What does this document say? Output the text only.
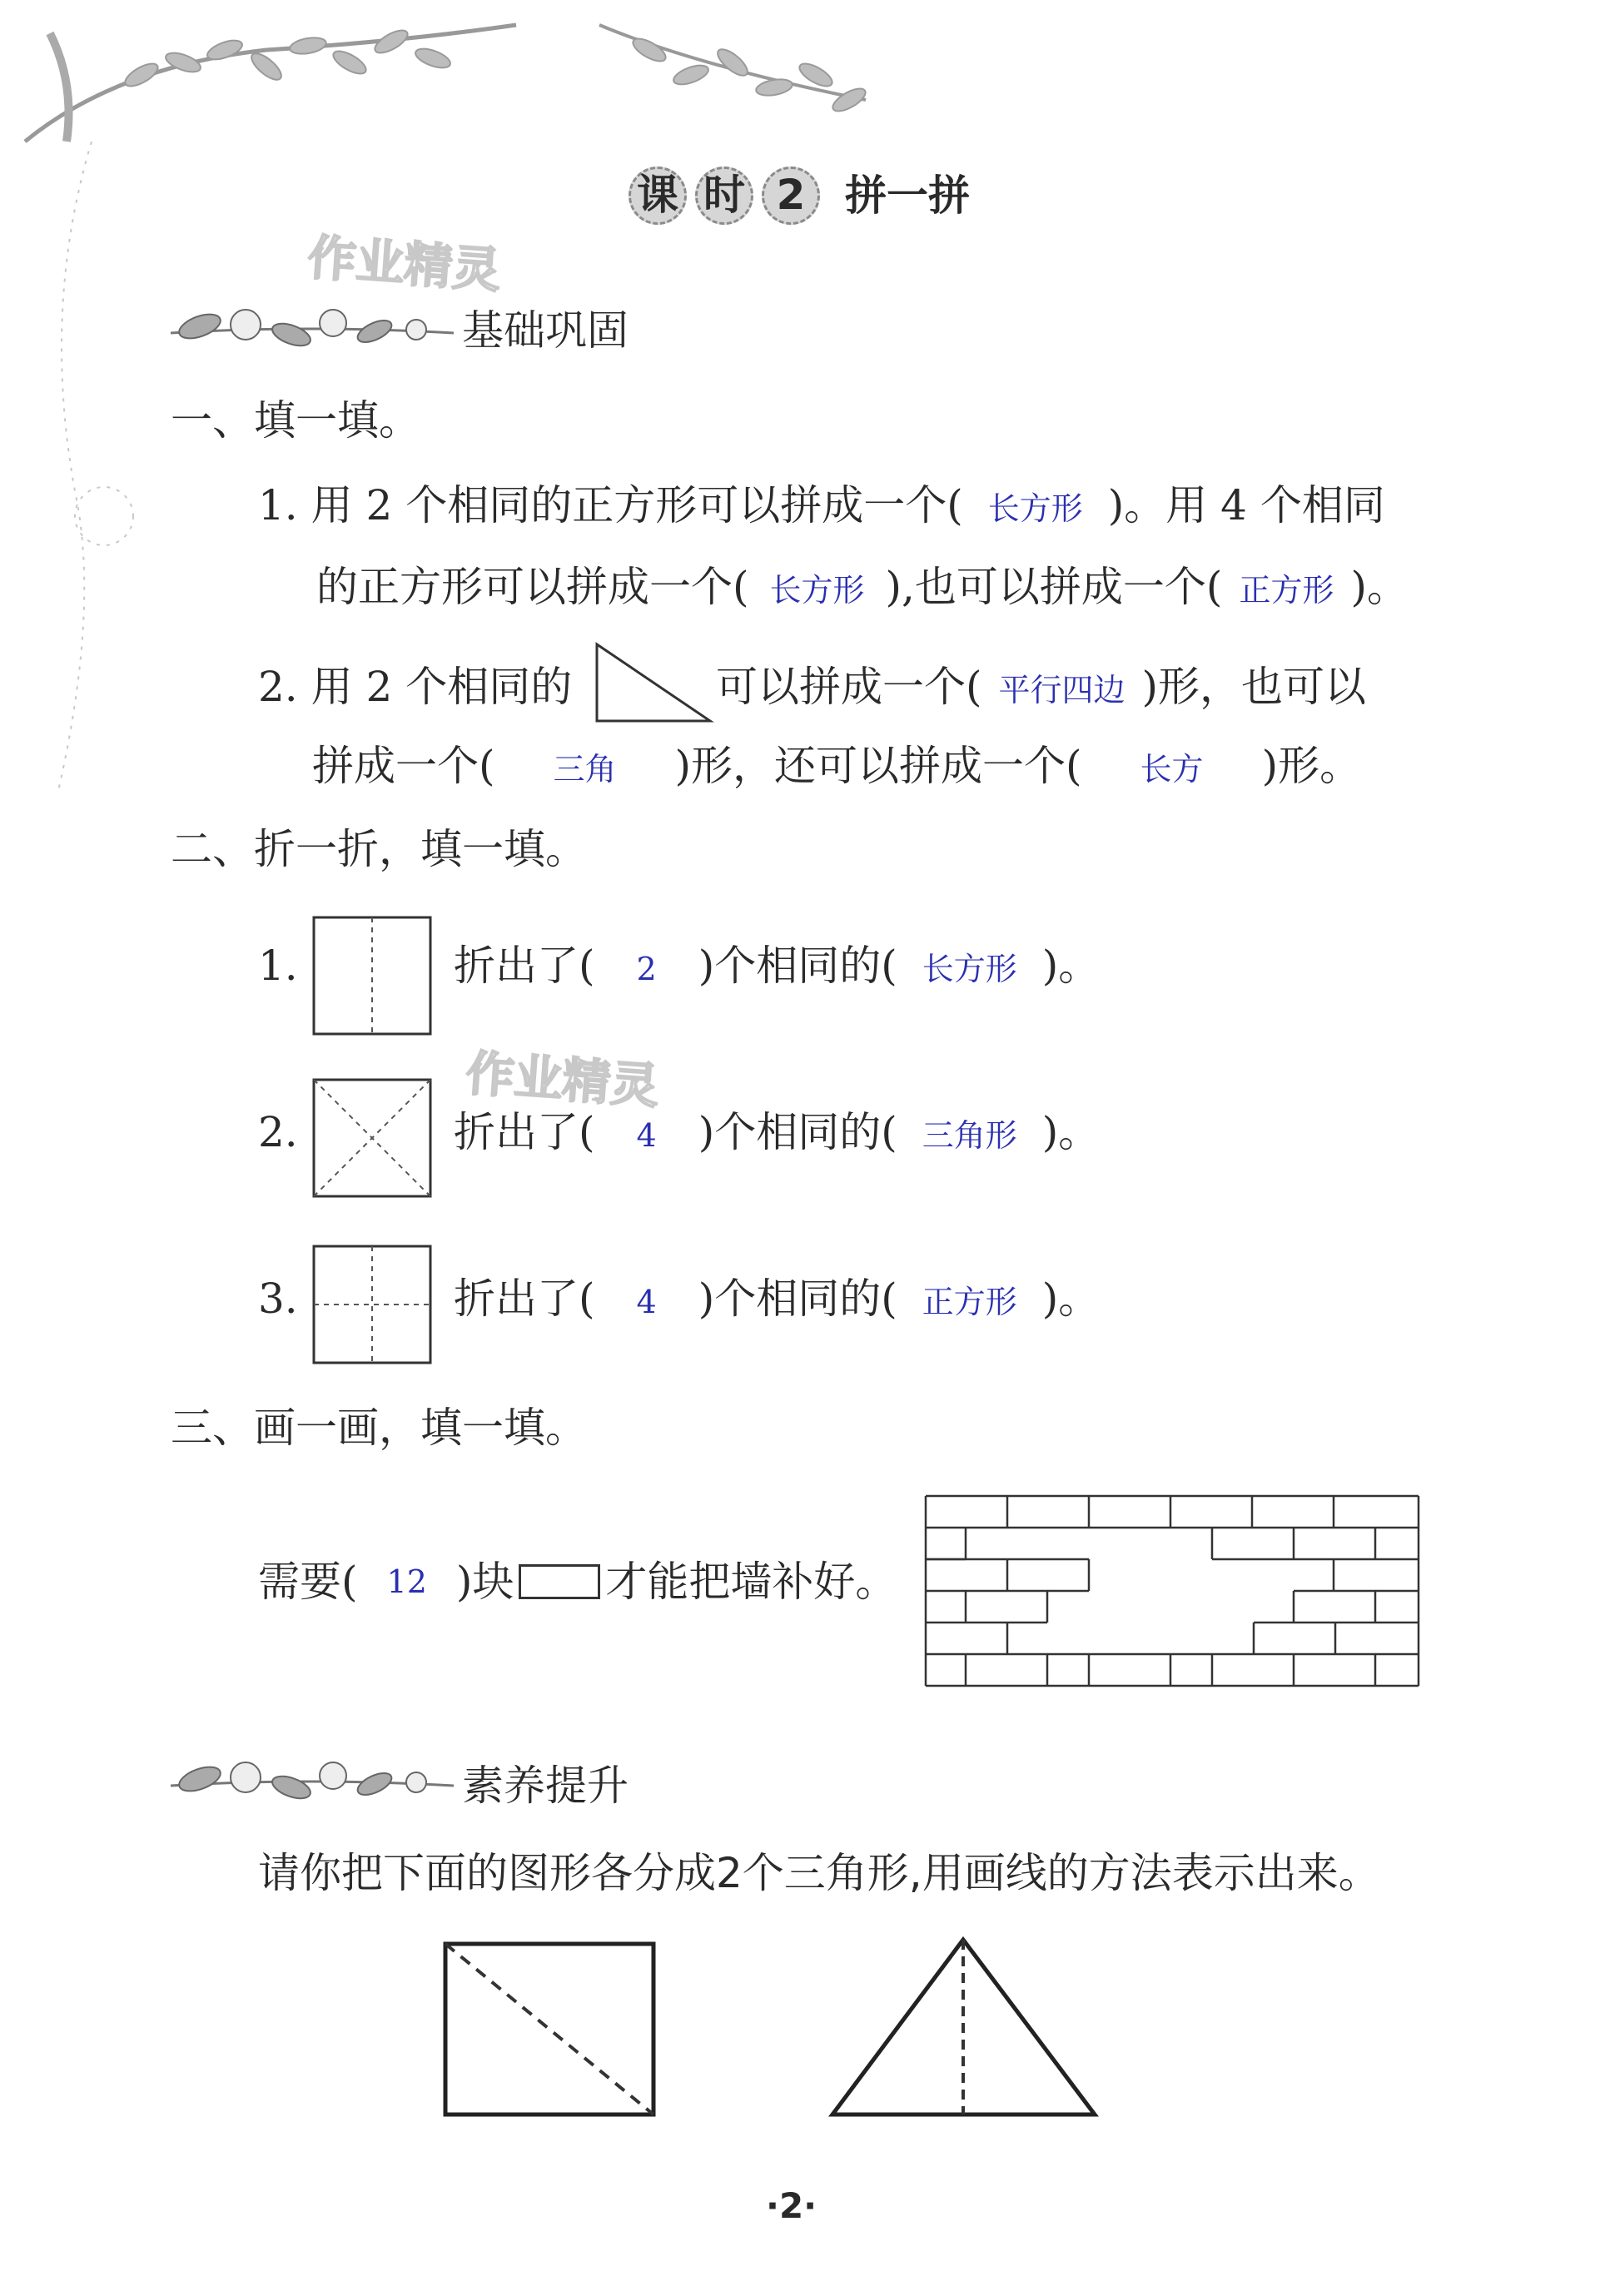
课 时 2 拼一拼
作业精灵
作业精灵
基础巩固
一、填一填。
1. 用 2 个相同的正方形可以拼成一个( 长方形 )。用 4 个相同
的正方形可以拼成一个( 长方形 ),也可以拼成一个( 正方形 )。
2. 用 2 个相同的	可以拼成一个( 平行四边 )形，也可以
拼成一个( 三角 )形，还可以拼成一个( 长方 )形。
二、折一折，填一填。
1.	折出了( 2 )个相同的( 长方形 )。
2.	折出了( 4 )个相同的( 三角形 )。
3.	折出了( 4 )个相同的( 正方形 )。
三、画一画，填一填。
需要( 12 )块 才能把墙补好。
素养提升
请你把下面的图形各分成2个三角形,用画线的方法表示出来。
·2·
